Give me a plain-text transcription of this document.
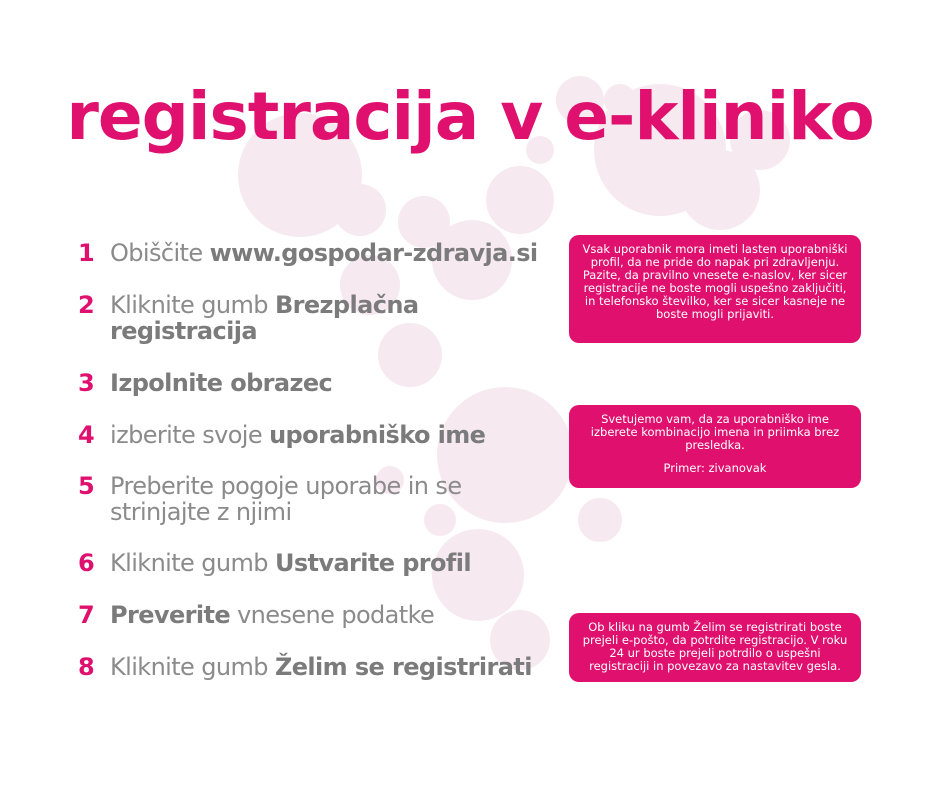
registracija v e-kliniko
1 Obiščite www.gospodar-zdravja.si
2 Kliknite gumb Brezplačna registracija
3 Izpolnite obrazec
4 izberite svoje uporabniško ime
5 Preberite pogoje uporabe in se strinjajte z njimi
6 Kliknite gumb Ustvarite profil
7 Preverite vnesene podatke
8 Kliknite gumb Želim se registrirati

Vsak uporabnik mora imeti lasten uporabniški profil, da ne pride do napak pri zdravljenju. Pazite, da pravilno vnesete e-naslov, ker sicer registracije ne boste mogli uspešno zaključiti, in telefonsko številko, ker se sicer kasneje ne boste mogli prijaviti.

Svetujemo vam, da za uporabniško ime izberete kombinacijo imena in priimka brez presledka.

Primer: zivanovak

Ob kliku na gumb Želim se registrirati boste prejeli e-pošto, da potrdite registracijo. V roku 24 ur boste prejeli potrdilo o uspešni registraciji in povezavo za nastavitev gesla.
